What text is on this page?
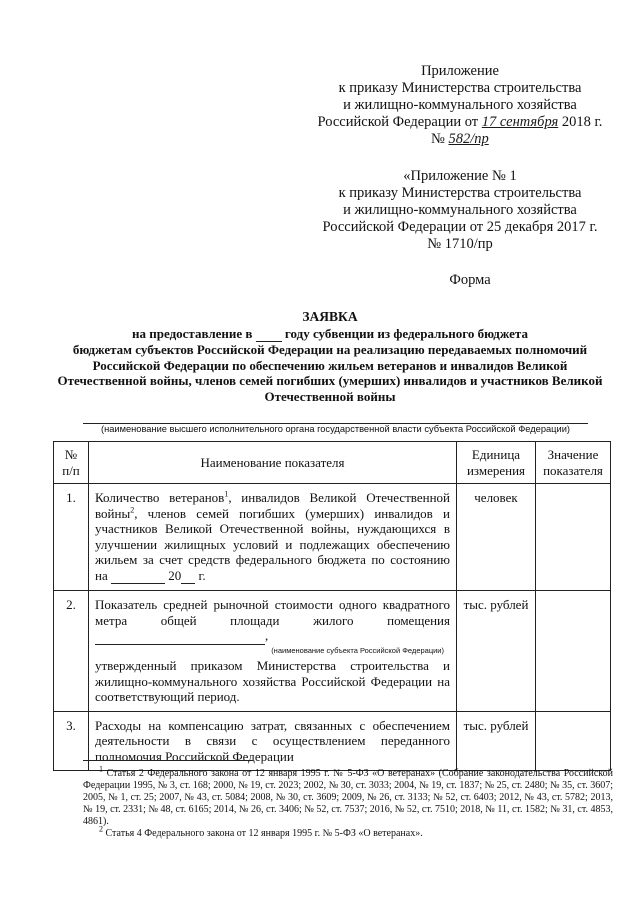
Приложение
к приказу Министерства строительства
и жилищно-коммунального хозяйства
Российской Федерации от 17 сентября 2018 г.
№ 582/пр
«Приложение № 1
к приказу Министерства строительства
и жилищно-коммунального хозяйства
Российской Федерации от 25 декабря 2017 г.
№ 1710/пр
Форма
ЗАЯВКА
на предоставление в	году субвенции из федерального бюджета
бюджетам субъектов Российской Федерации на реализацию передаваемых полномочий
Российской Федерации по обеспечению жильем ветеранов и инвалидов Великой
Отечественной войны, членов семей погибших (умерших) инвалидов и участников Великой
Отечественной войны
(наименование высшего исполнительного органа государственной власти субъекта Российской Федерации)
№ п/п	Наименование показателя	Единица измерения	Значение показателя
1.	Количество ветеранов$^1$, инвалидов Великой Отечественной войны$^2$, членов семей погибших (умерших) инвалидов и участников Великой Отечественной войны, нуждающихся в улучшении жилищных условий и подлежащих обеспечению жильем за счет средств федерального бюджета по состоянию на 20 г.	человек	
2.	Показатель средней рыночной стоимости одного квадратного метра общей площади жилого помещения  ,
(наименование субъекта Российской Федерации)
утвержденный приказом Министерства строительства и жилищно-коммунального хозяйства Российской Федерации на соответствующий период.	тыс. рублей	
3.	Расходы на компенсацию затрат, связанных с обеспечением деятельности в связи с осуществлением переданного полномочия Российской Федерации	тыс. рублей	

$^1$ Статья 2 Федерального закона от 12 января 1995 г. № 5-ФЗ «О ветеранах» (Собрание законодательства Российской Федерации 1995, № 3, ст. 168; 2000, № 19, ст. 2023; 2002, № 30, ст. 3033; 2004, № 19, ст. 1837; № 25, ст. 2480; № 35, ст. 3607; 2005, № 1, ст. 25; 2007, № 43, ст. 5084; 2008, № 30, ст. 3609; 2009, № 26, ст. 3133; № 52, ст. 6403; 2012, № 43, ст. 5782; 2013, № 19, ст. 2331; № 48, ст. 6165; 2014, № 26, ст. 3406; № 52, ст. 7537; 2016, № 52, ст. 7510; 2018, № 11, ст. 1582; № 31, ст. 4853, 4861).

$^2$ Статья 4 Федерального закона от 12 января 1995 г. № 5-ФЗ «О ветеранах».
